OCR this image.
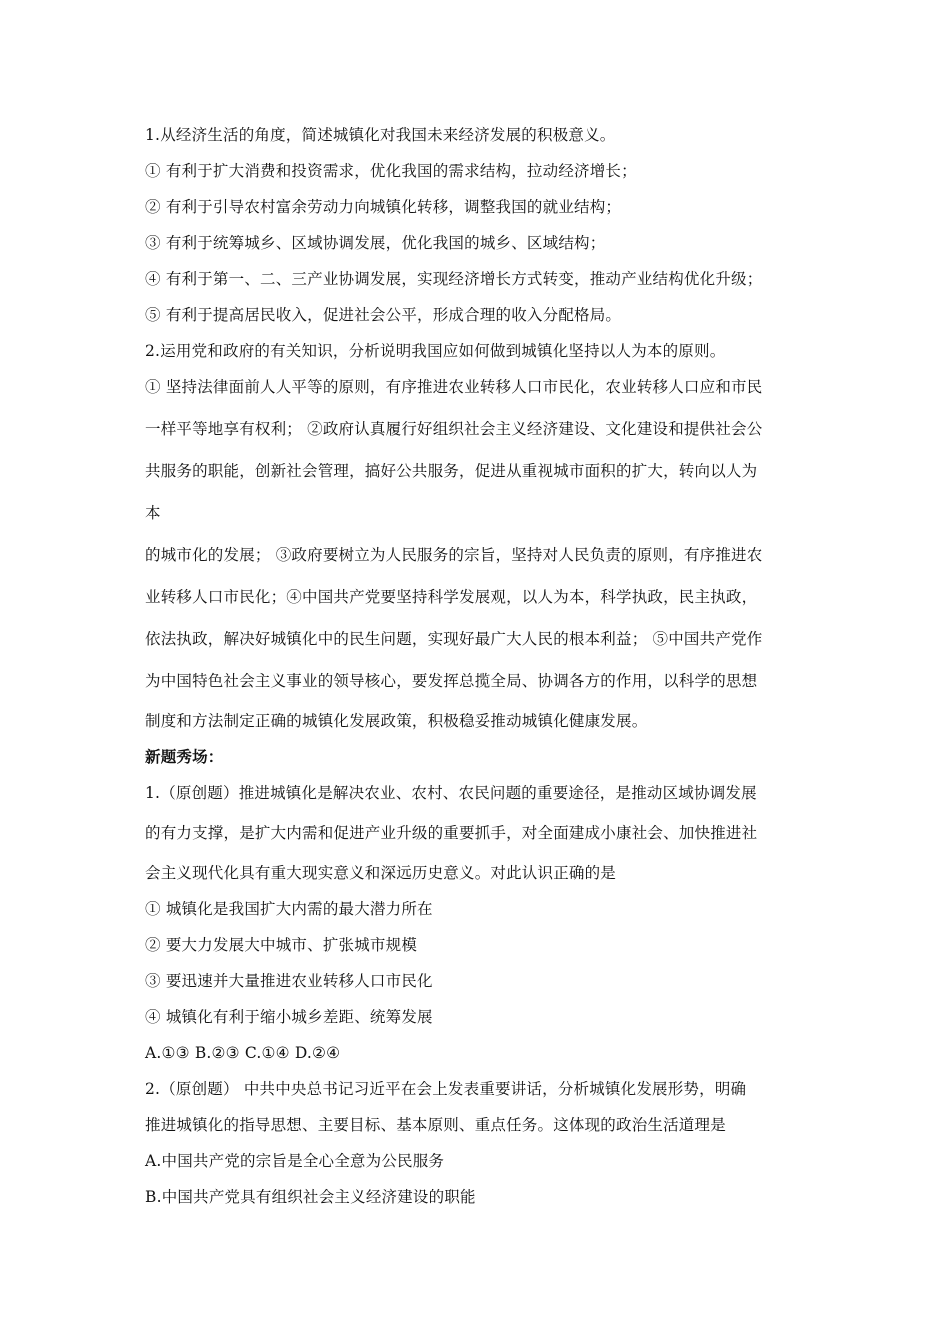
1.从经济生活的角度，简述城镇化对我国未来经济发展的积极意义。
① 有利于扩大消费和投资需求，优化我国的需求结构，拉动经济增长；
② 有利于引导农村富余劳动力向城镇化转移，调整我国的就业结构；
③ 有利于统筹城乡、区域协调发展，优化我国的城乡、区域结构；
④ 有利于第一、二、三产业协调发展，实现经济增长方式转变，推动产业结构优化升级；
⑤ 有利于提高居民收入，促进社会公平，形成合理的收入分配格局。
2.运用党和政府的有关知识，分析说明我国应如何做到城镇化坚持以人为本的原则。
① 坚持法律面前人人平等的原则，有序推进农业转移人口市民化，农业转移人口应和市民
一样平等地享有权利； ②政府认真履行好组织社会主义经济建设、文化建设和提供社会公
共服务的职能，创新社会管理，搞好公共服务，促进从重视城市面积的扩大，转向以人为
本
的城市化的发展； ③政府要树立为人民服务的宗旨，坚持对人民负责的原则，有序推进农
业转移人口市民化；④中国共产党要坚持科学发展观，以人为本，科学执政，民主执政，
依法执政，解决好城镇化中的民生问题，实现好最广大人民的根本利益； ⑤中国共产党作
为中国特色社会主义事业的领导核心，要发挥总揽全局、协调各方的作用，以科学的思想
制度和方法制定正确的城镇化发展政策，积极稳妥推动城镇化健康发展。
新题秀场：
1.（原创题）推进城镇化是解决农业、农村、农民问题的重要途径，是推动区域协调发展
的有力支撑，是扩大内需和促进产业升级的重要抓手，对全面建成小康社会、加快推进社
会主义现代化具有重大现实意义和深远历史意义。对此认识正确的是
① 城镇化是我国扩大内需的最大潜力所在
② 要大力发展大中城市、扩张城市规模
③ 要迅速并大量推进农业转移人口市民化
④ 城镇化有利于缩小城乡差距、统筹发展
A.①③ B.②③ C.①④ D.②④
2.（原创题） 中共中央总书记习近平在会上发表重要讲话，分析城镇化发展形势，明确
推进城镇化的指导思想、主要目标、基本原则、重点任务。这体现的政治生活道理是
A.中国共产党的宗旨是全心全意为公民服务
B.中国共产党具有组织社会主义经济建设的职能
